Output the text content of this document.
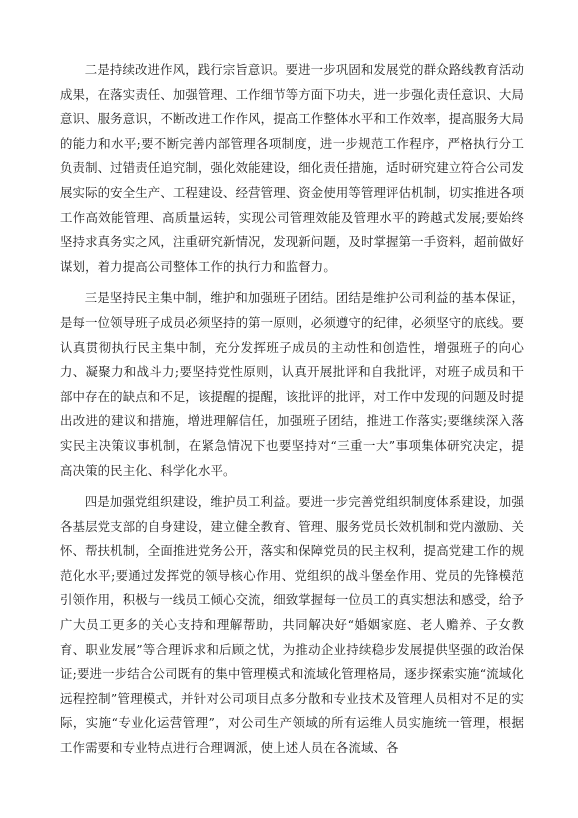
二是持续改进作风，践行宗旨意识。要进一步巩固和发展党的群众路线教育活动成果，在落实责任、加强管理、工作细节等方面下功夫，进一步强化责任意识、大局意识、服务意识，不断改进工作作风，提高工作整体水平和工作效率，提高服务大局的能力和水平;要不断完善内部管理各项制度，进一步规范工作程序，严格执行分工负责制、过错责任追究制，强化效能建设，细化责任措施，适时研究建立符合公司发展实际的安全生产、工程建设、经营管理、资金使用等管理评估机制，切实推进各项工作高效能管理、高质量运转，实现公司管理效能及管理水平的跨越式发展;要始终坚持求真务实之风，注重研究新情况，发现新问题，及时掌握第一手资料，超前做好谋划，着力提高公司整体工作的执行力和监督力。

三是坚持民主集中制，维护和加强班子团结。团结是维护公司利益的基本保证，是每一位领导班子成员必须坚持的第一原则，必须遵守的纪律，必须坚守的底线。要认真贯彻执行民主集中制，充分发挥班子成员的主动性和创造性，增强班子的向心力、凝聚力和战斗力;要坚持党性原则，认真开展批评和自我批评，对班子成员和干部中存在的缺点和不足，该提醒的提醒，该批评的批评，对工作中发现的问题及时提出改进的建议和措施，增进理解信任，加强班子团结，推进工作落实;要继续深入落实民主决策议事机制，在紧急情况下也要坚持对“三重一大”事项集体研究决定，提高决策的民主化、科学化水平。

四是加强党组织建设，维护员工利益。要进一步完善党组织制度体系建设，加强各基层党支部的自身建设，建立健全教育、管理、服务党员长效机制和党内激励、关怀、帮扶机制，全面推进党务公开，落实和保障党员的民主权利，提高党建工作的规范化水平;要通过发挥党的领导核心作用、党组织的战斗堡垒作用、党员的先锋模范引领作用，积极与一线员工倾心交流，细致掌握每一位员工的真实想法和感受，给予广大员工更多的关心支持和理解帮助，共同解决好“婚姻家庭、老人赡养、子女教育、职业发展”等合理诉求和后顾之忧，为推动企业持续稳步发展提供坚强的政治保证;要进一步结合公司既有的集中管理模式和流域化管理格局，逐步探索实施“流域化远程控制”管理模式，并针对公司项目点多分散和专业技术及管理人员相对不足的实际，实施“专业化运营管理”，对公司生产领域的所有运维人员实施统一管理，根据工作需要和专业特点进行合理调派，使上述人员在各流域、各
